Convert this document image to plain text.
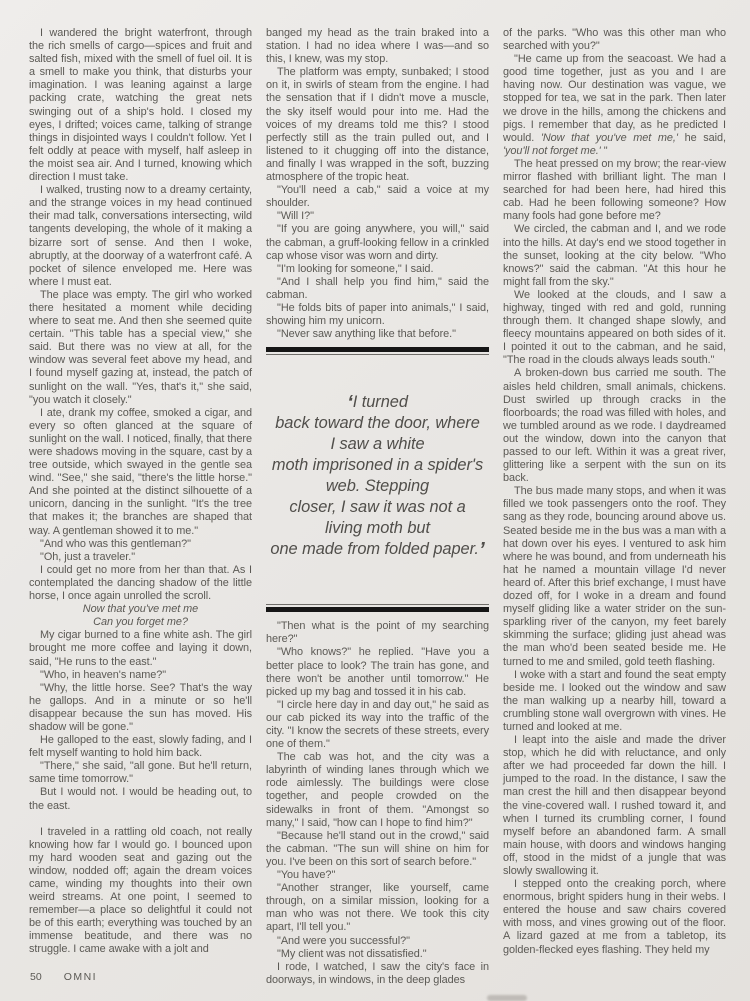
I wandered the bright waterfront, through the rich smells of cargo—spices and fruit and salted fish, mixed with the smell of fuel oil. It is a smell to make you think, that disturbs your imagination. I was leaning against a large packing crate, watching the great nets swinging out of a ship's hold. I closed my eyes, I drifted; voices came, talking of strange things in disjointed ways I couldn't follow. Yet I felt oddly at peace with myself, half asleep in the moist sea air. And I turned, knowing which direction I must take.

I walked, trusting now to a dreamy certainty, and the strange voices in my head continued their mad talk, conversations intersecting, wild tangents developing, the whole of it making a bizarre sort of sense. And then I woke, abruptly, at the doorway of a waterfront café. A pocket of silence enveloped me. Here was where I must eat.

The place was empty. The girl who worked there hesitated a moment while deciding where to seat me. And then she seemed quite certain. "This table has a special view," she said. But there was no view at all, for the window was several feet above my head, and I found myself gazing at, instead, the patch of sunlight on the wall. "Yes, that's it," she said, "you watch it closely."

I ate, drank my coffee, smoked a cigar, and every so often glanced at the square of sunlight on the wall. I noticed, finally, that there were shadows moving in the square, cast by a tree outside, which swayed in the gentle sea wind. "See," she said, "there's the little horse." And she pointed at the distinct silhouette of a unicorn, dancing in the sunlight. "It's the tree that makes it; the branches are shaped that way. A gentleman showed it to me."

"And who was this gentleman?"

"Oh, just a traveler."

I could get no more from her than that. As I contemplated the dancing shadow of the little horse, I once again unrolled the scroll.

Now that you've met me

Can you forget me?

My cigar burned to a fine white ash. The girl brought me more coffee and laying it down, said, "He runs to the east."

"Who, in heaven's name?"

"Why, the little horse. See? That's the way he gallops. And in a minute or so he'll disappear because the sun has moved. His shadow will be gone."

He galloped to the east, slowly fading, and I felt myself wanting to hold him back.

"There," she said, "all gone. But he'll return, same time tomorrow."

But I would not. I would be heading out, to the east.

I traveled in a rattling old coach, not really knowing how far I would go. I bounced upon my hard wooden seat and gazing out the window, nodded off; again the dream voices came, winding my thoughts into their own weird streams. At one point, I seemed to remember—a place so delightful it could not be of this earth; everything was touched by an immense beatitude, and there was no struggle. I came awake with a jolt and

banged my head as the train braked into a station. I had no idea where I was—and so this, I knew, was my stop.

The platform was empty, sunbaked; I stood on it, in swirls of steam from the engine. I had the sensation that if I didn't move a muscle, the sky itself would pour into me. Had the voices of my dreams told me this? I stood perfectly still as the train pulled out, and I listened to it chugging off into the distance, and finally I was wrapped in the soft, buzzing atmosphere of the tropic heat.

"You'll need a cab," said a voice at my shoulder.

"Will I?"

"If you are going anywhere, you will," said the cabman, a gruff-looking fellow in a crinkled cap whose visor was worn and dirty.

"I'm looking for someone," I said.

"And I shall help you find him," said the cabman.

"He folds bits of paper into animals," I said, showing him my unicorn.

"Never saw anything like that before."

‘I turned
back toward the door, where
I saw a white
moth imprisoned in a spider's
web. Stepping
closer, I saw it was not a
living moth but
one made from folded paper.’

"Then what is the point of my searching here?"

"Who knows?" he replied. "Have you a better place to look? The train has gone, and there won't be another until tomorrow." He picked up my bag and tossed it in his cab.

"I circle here day in and day out," he said as our cab picked its way into the traffic of the city. "I know the secrets of these streets, every one of them."

The cab was hot, and the city was a labyrinth of winding lanes through which we rode aimlessly. The buildings were close together, and people crowded on the sidewalks in front of them. "Amongst so many," I said, "how can I hope to find him?"

"Because he'll stand out in the crowd," said the cabman. "The sun will shine on him for you. I've been on this sort of search before."

"You have?"

"Another stranger, like yourself, came through, on a similar mission, looking for a man who was not there. We took this city apart, I'll tell you."

"And were you successful?"

"My client was not dissatisfied."

I rode, I watched, I saw the city's face in doorways, in windows, in the deep glades

of the parks. "Who was this other man who searched with you?"

"He came up from the seacoast. We had a good time together, just as you and I are having now. Our destination was vague, we stopped for tea, we sat in the park. Then later we drove in the hills, among the chickens and pigs. I remember that day, as he predicted I would. 'Now that you've met me,' he said, 'you'll not forget me.' "

The heat pressed on my brow; the rear-view mirror flashed with brilliant light. The man I searched for had been here, had hired this cab. Had he been following someone? How many fools had gone before me?

We circled, the cabman and I, and we rode into the hills. At day's end we stood together in the sunset, looking at the city below. "Who knows?" said the cabman. "At this hour he might fall from the sky."

We looked at the clouds, and I saw a highway, tinged with red and gold, running through them. It changed shape slowly, and fleecy mountains appeared on both sides of it. I pointed it out to the cabman, and he said, "The road in the clouds always leads south."

A broken-down bus carried me south. The aisles held children, small animals, chickens. Dust swirled up through cracks in the floorboards; the road was filled with holes, and we tumbled around as we rode. I daydreamed out the window, down into the canyon that passed to our left. Within it was a great river, glittering like a serpent with the sun on its back.

The bus made many stops, and when it was filled we took passengers onto the roof. They sang as they rode, bouncing around above us. Seated beside me in the bus was a man with a hat down over his eyes. I ventured to ask him where he was bound, and from underneath his hat he named a mountain village I'd never heard of. After this brief exchange, I must have dozed off, for I woke in a dream and found myself gliding like a water strider on the sun-sparkling river of the canyon, my feet barely skimming the surface; gliding just ahead was the man who'd been seated beside me. He turned to me and smiled, gold teeth flashing.

I woke with a start and found the seat empty beside me. I looked out the window and saw the man walking up a nearby hill, toward a crumbling stone wall overgrown with vines. He turned and looked at me.

I leapt into the aisle and made the driver stop, which he did with reluctance, and only after we had proceeded far down the hill. I jumped to the road. In the distance, I saw the man crest the hill and then disappear beyond the vine-covered wall. I rushed toward it, and when I turned its crumbling corner, I found myself before an abandoned farm. A small main house, with doors and windows hanging off, stood in the midst of a jungle that was slowly swallowing it.

I stepped onto the creaking porch, where enormous, bright spiders hung in their webs. I entered the house and saw chairs covered with moss, and vines growing out of the floor. A lizard gazed at me from a tabletop, its golden-flecked eyes flashing. They held my

50 OMNI
